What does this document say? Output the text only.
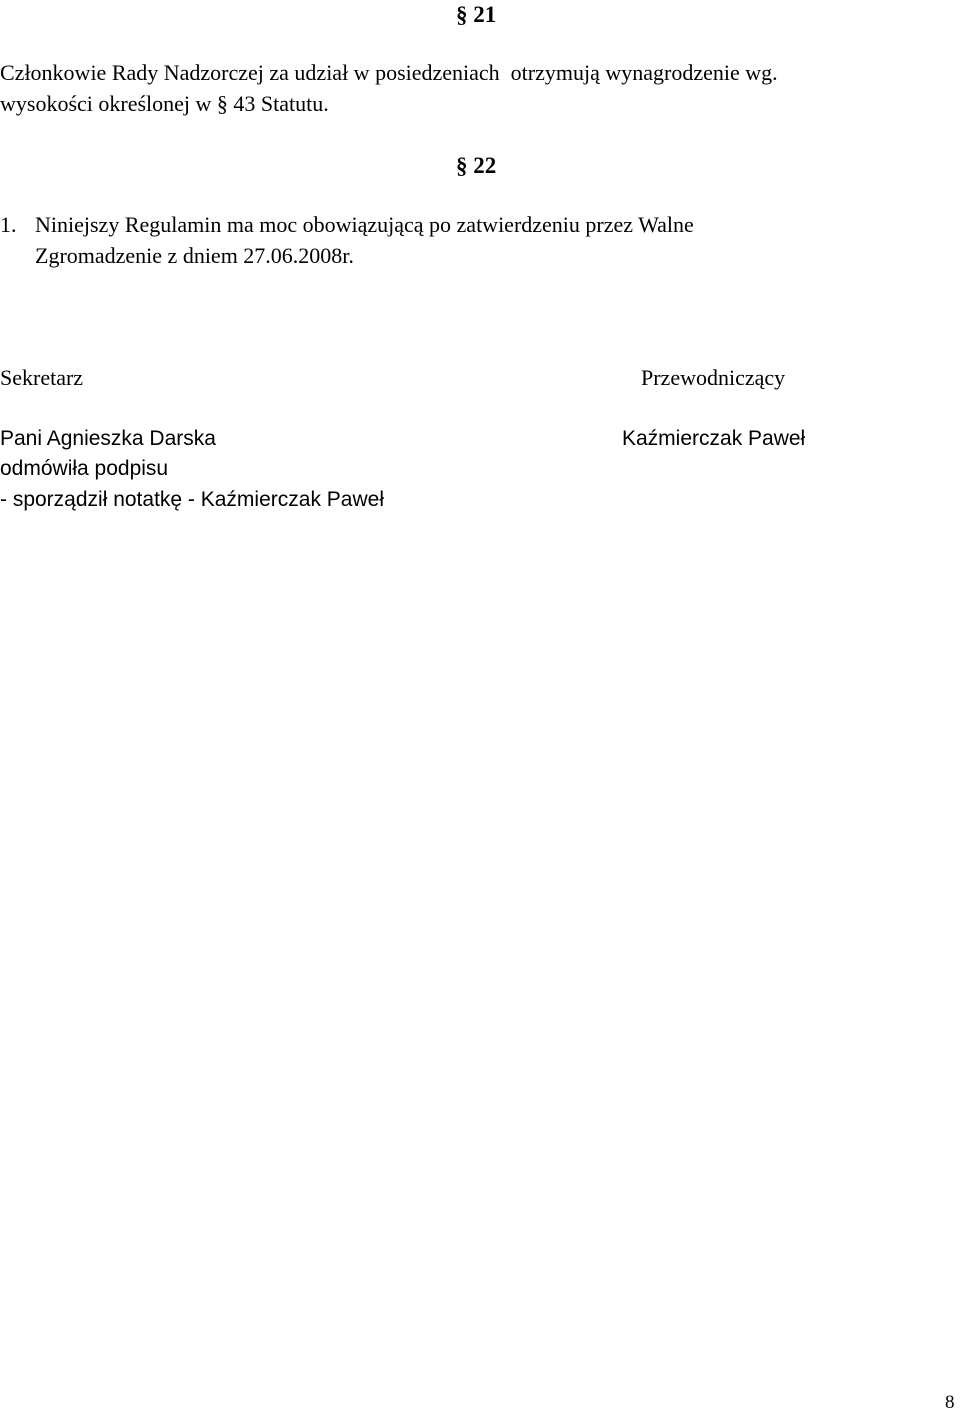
§ 21

Członkowie Rady Nadzorczej za udział w posiedzeniach  otrzymują wynagrodzenie wg.

wysokości określonej w § 43 Statutu.

§ 22
1. Niniejszy Regulamin ma moc obowiązującą po zatwierdzeniu przez Walne

Zgromadzenie z dniem 27.06.2008r.

Sekretarz	Przewodniczący
Pani Agnieszka Darska	Kaźmierczak Paweł
odmówiła podpisu
- sporządził notatkę - Kaźmierczak Paweł
8
